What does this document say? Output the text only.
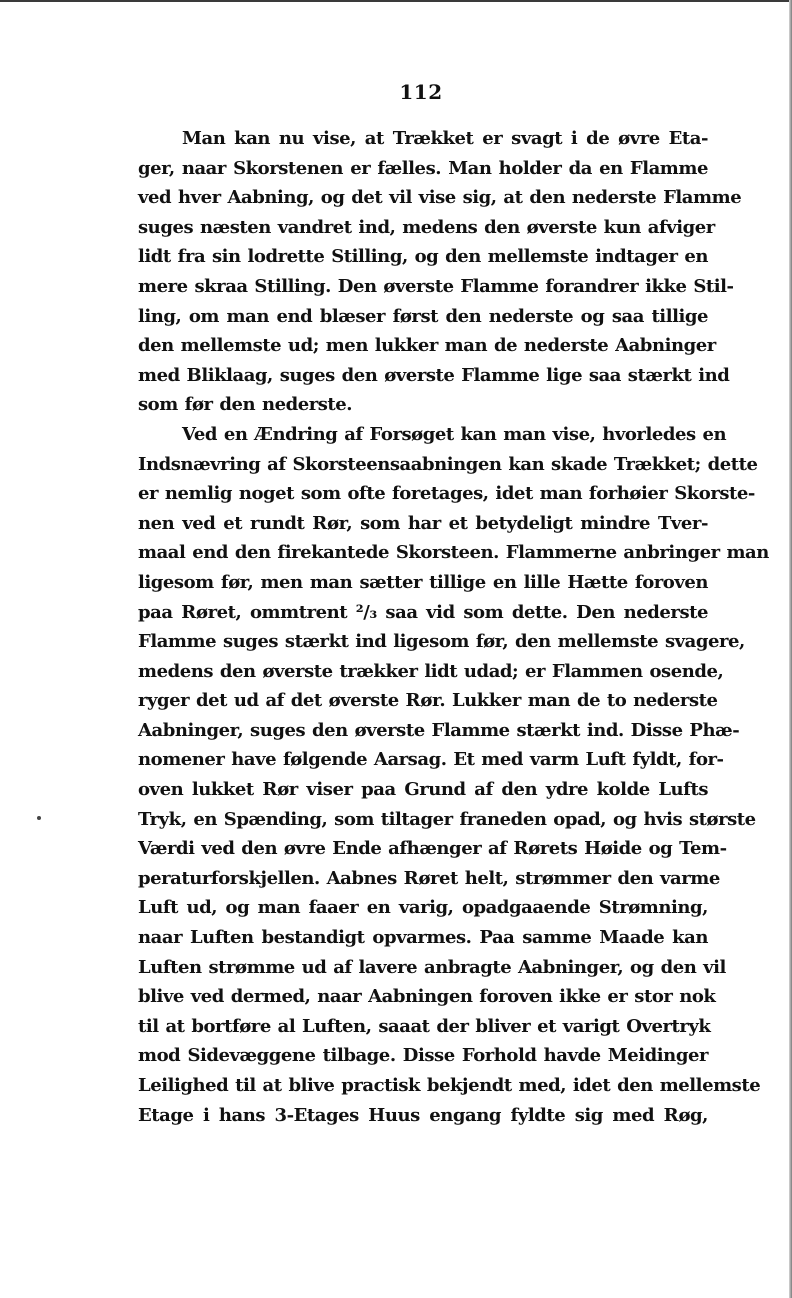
112
Man kan nu vise, at Trækket er svagt i de øvre Eta-
ger, naar Skorstenen er fælles. Man holder da en Flamme
ved hver Aabning, og det vil vise sig, at den nederste Flamme
suges næsten vandret ind, medens den øverste kun afviger
lidt fra sin lodrette Stilling, og den mellemste indtager en
mere skraa Stilling. Den øverste Flamme forandrer ikke Stil-
ling, om man end blæser først den nederste og saa tillige
den mellemste ud; men lukker man de nederste Aabninger
med Bliklaag, suges den øverste Flamme lige saa stærkt ind
som før den nederste.
Ved en Ændring af Forsøget kan man vise, hvorledes en
Indsnævring af Skorsteensaabningen kan skade Trækket; dette
er nemlig noget som ofte foretages, idet man forhøier Skorste-
nen ved et rundt Rør, som har et betydeligt mindre Tver-
maal end den firekantede Skorsteen. Flammerne anbringer man
ligesom før, men man sætter tillige en lille Hætte foroven
paa Røret, ommtrent ²/₃ saa vid som dette. Den nederste
Flamme suges stærkt ind ligesom før, den mellemste svagere,
medens den øverste trækker lidt udad; er Flammen osende,
ryger det ud af det øverste Rør. Lukker man de to nederste
Aabninger, suges den øverste Flamme stærkt ind. Disse Phæ-
nomener have følgende Aarsag. Et med varm Luft fyldt, for-
oven lukket Rør viser paa Grund af den ydre kolde Lufts
Tryk, en Spænding, som tiltager franeden opad, og hvis største
Værdi ved den øvre Ende afhænger af Rørets Høide og Tem-
peraturforskjellen. Aabnes Røret helt, strømmer den varme
Luft ud, og man faaer en varig, opadgaaende Strømning,
naar Luften bestandigt opvarmes. Paa samme Maade kan
Luften strømme ud af lavere anbragte Aabninger, og den vil
blive ved dermed, naar Aabningen foroven ikke er stor nok
til at bortføre al Luften, saaat der bliver et varigt Overtryk
mod Sidevæggene tilbage. Disse Forhold havde Meidinger
Leilighed til at blive practisk bekjendt med, idet den mellemste
Etage i hans 3-Etages Huus engang fyldte sig med Røg,
